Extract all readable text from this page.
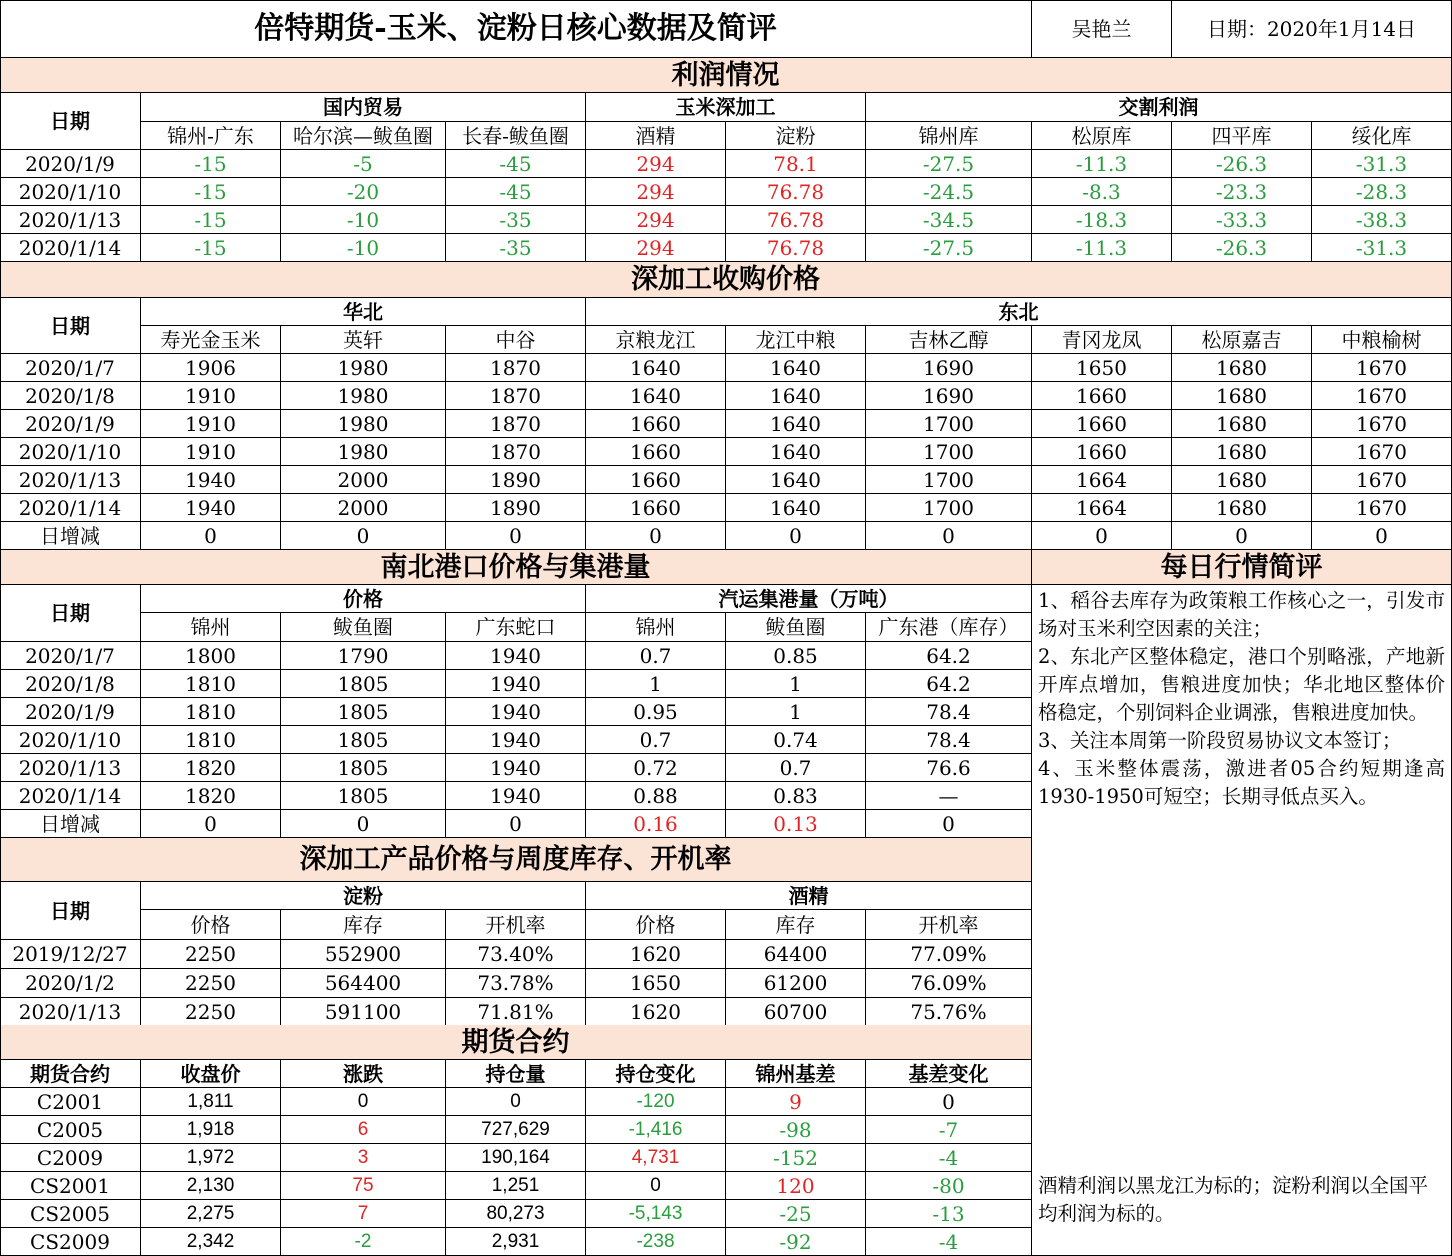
倍特期货-玉米、淀粉日核心数据及简评	吴艳兰	日期：2020年1月14日
利润情况
日期
国内贸易	玉米深加工	交割利润
锦州-广东	哈尔滨—鲅鱼圈	长春-鲅鱼圈	酒精	淀粉	锦州库	松原库	四平库	绥化库
2020/1/9	-15	-5	-45	294	78.1	-27.5	-11.3	-26.3	-31.3
2020/1/10	-15	-20	-45	294	76.78	-24.5	-8.3	-23.3	-28.3
2020/1/13	-15	-10	-35	294	76.78	-34.5	-18.3	-33.3	-38.3
2020/1/14	-15	-10	-35	294	76.78	-27.5	-11.3	-26.3	-31.3
深加工收购价格
日期
华北	东北
寿光金玉米	英轩	中谷	京粮龙江	龙江中粮	吉林乙醇	青冈龙凤	松原嘉吉	中粮榆树
2020/1/7	1906	1980	1870	1640	1640	1690	1650	1680	1670
2020/1/8	1910	1980	1870	1640	1640	1690	1660	1680	1670
2020/1/9	1910	1980	1870	1660	1640	1700	1660	1680	1670
2020/1/10	1910	1980	1870	1660	1640	1700	1660	1680	1670
2020/1/13	1940	2000	1890	1660	1640	1700	1664	1680	1670
2020/1/14	1940	2000	1890	1660	1640	1700	1664	1680	1670
日增减	0	0	0	0	0	0	0	0	0
南北港口价格与集港量
日期
价格	汽运集港量（万吨）
锦州	鲅鱼圈	广东蛇口	锦州	鲅鱼圈	广东港（库存）
2020/1/7	1800	1790	1940	0.7	0.85	64.2
2020/1/8	1810	1805	1940	1	1	64.2
2020/1/9	1810	1805	1940	0.95	1	78.4
2020/1/10	1810	1805	1940	0.7	0.74	78.4
2020/1/13	1820	1805	1940	0.72	0.7	76.6
2020/1/14	1820	1805	1940	0.88	0.83	—
日增减	0	0	0	0.16	0.13	0
深加工产品价格与周度库存、开机率
日期
淀粉	酒精
价格	库存	开机率	价格	库存	开机率
2019/12/27	2250	552900	73.40%	1620	64400	77.09%
2020/1/2	2250	564400	73.78%	1650	61200	76.09%
2020/1/13	2250	591100	71.81%	1620	60700	75.76%
期货合约
期货合约	收盘价	涨跌	持仓量	持仓变化	锦州基差	基差变化
C2001	1,811	0	0	-120	9	0
C2005	1,918	6	727,629	-1,416	-98	-7
C2009	1,972	3	190,164	4,731	-152	-4
CS2001	2,130	75	1,251	0	120	-80
CS2005	2,275	7	80,273	-5,143	-25	-13
CS2009	2,342	-2	2,931	-238	-92	-4
每日行情简评

1、稻谷去库存为政策粮工作核心之一，引发市场对玉米利空因素的关注；

2、东北产区整体稳定，港口个别略涨，产地新开库点增加，售粮进度加快；华北地区整体价格稳定，个别饲料企业调涨，售粮进度加快。

3、关注本周第一阶段贸易协议文本签订；

4、玉米整体震荡，激进者05合约短期逢高1930-1950可短空；长期寻低点买入。

酒精利润以黑龙江为标的；淀粉利润以全国平均利润为标的。
